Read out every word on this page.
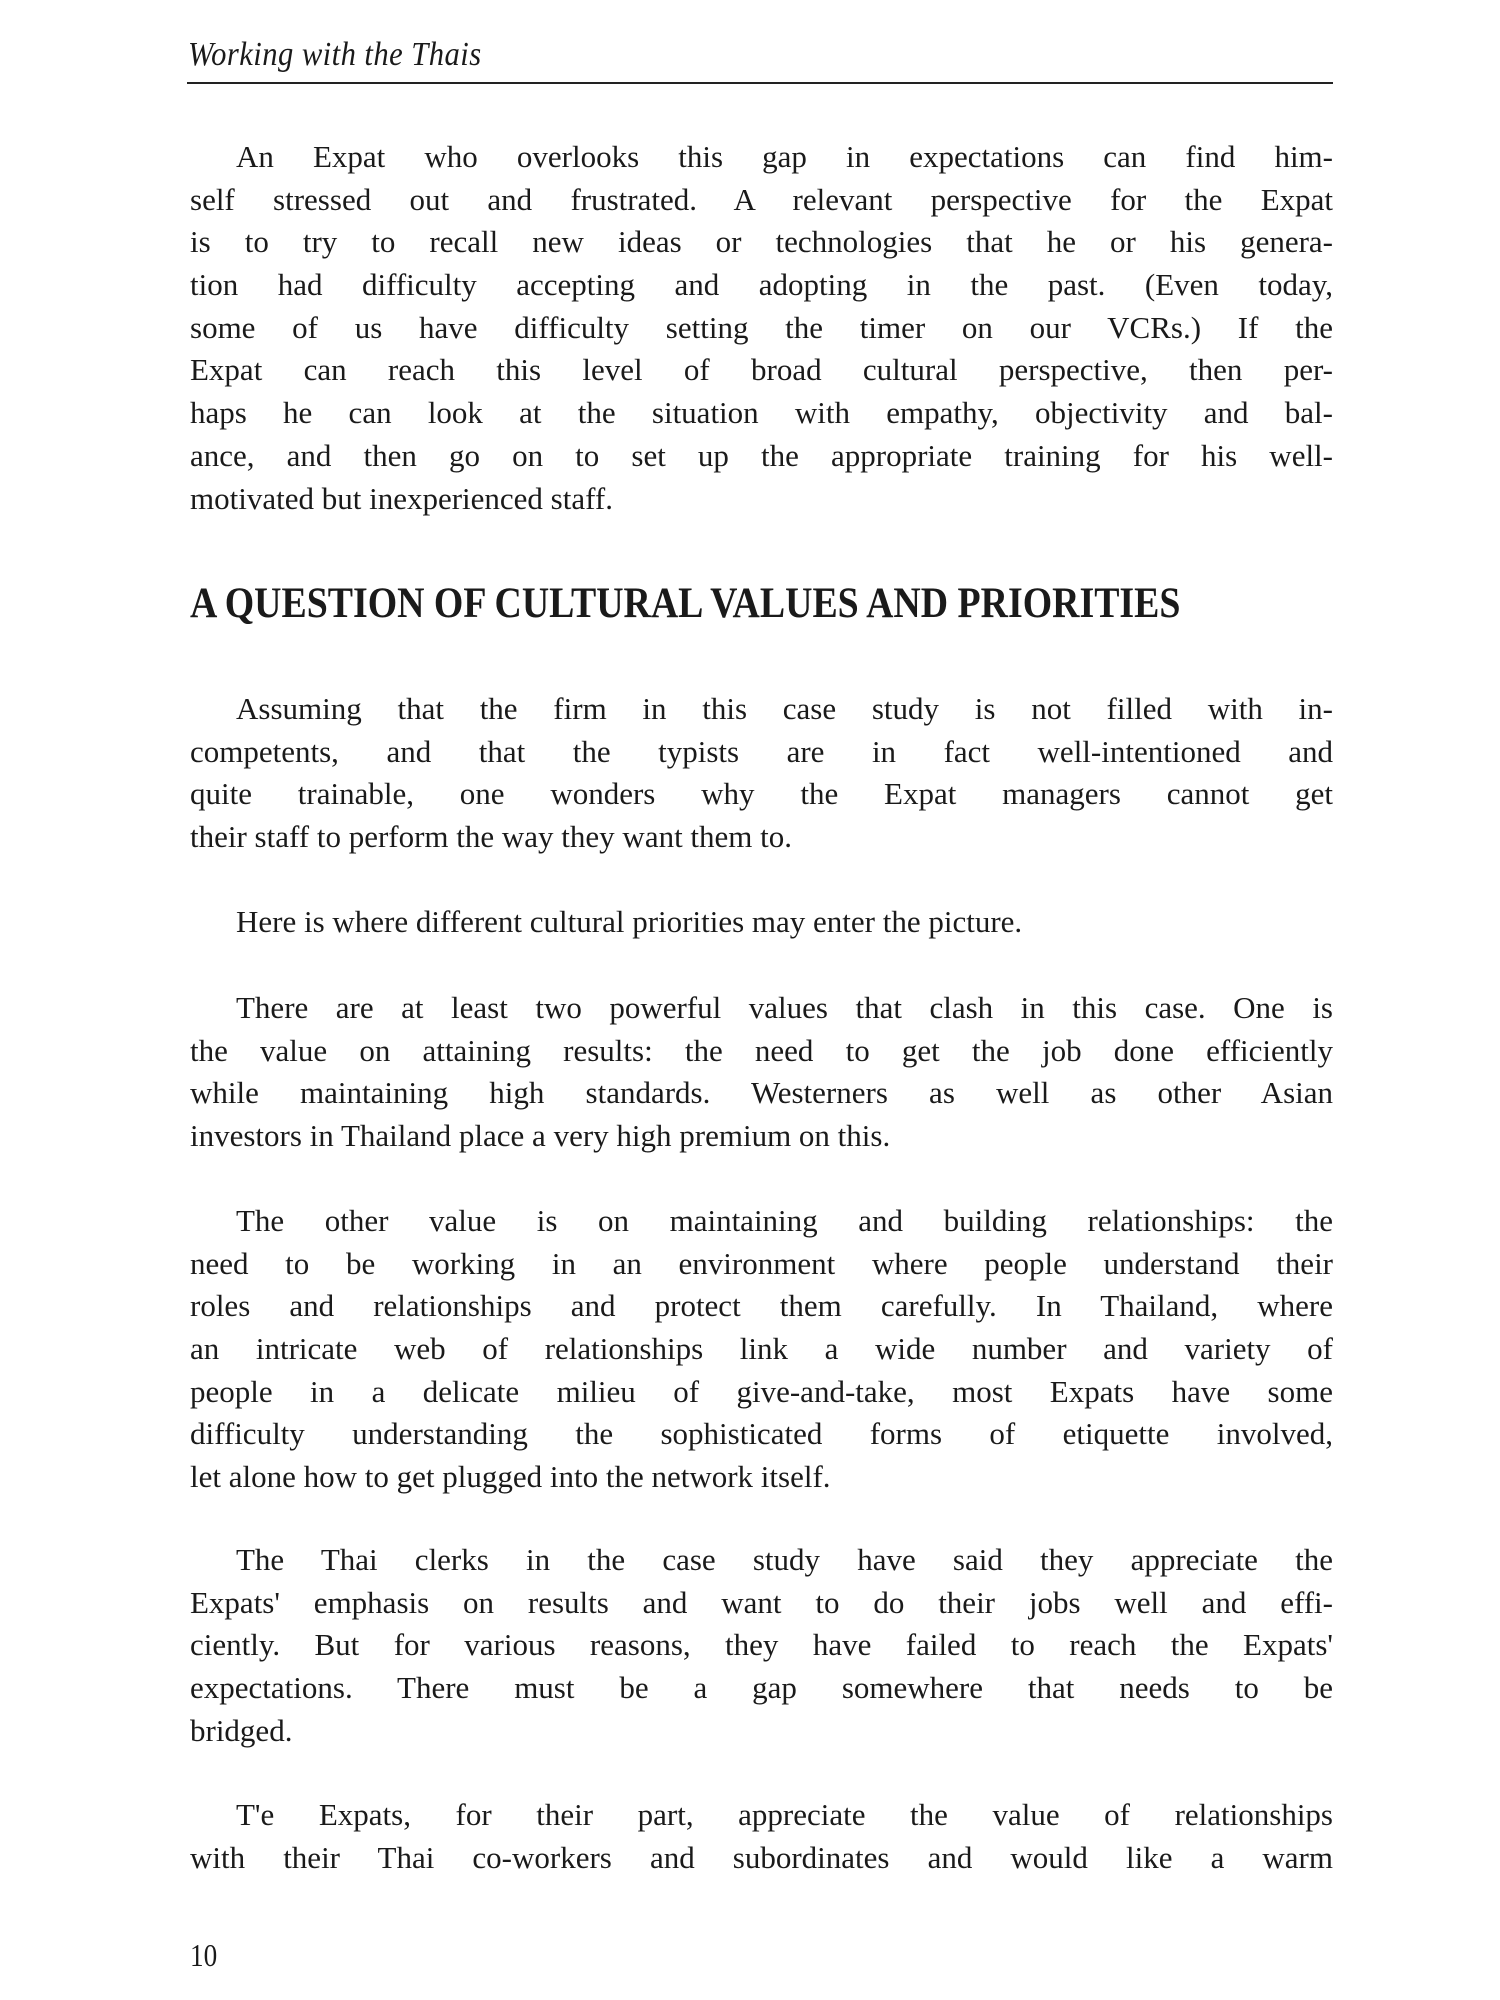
Working with the Thais
An Expat who overlooks this gap in expectations can find him-
self stressed out and frustrated. A relevant perspective for the Expat
is to try to recall new ideas or technologies that he or his genera-
tion had difficulty accepting and adopting in the past. (Even today,
some of us have difficulty setting the timer on our VCRs.) If the
Expat can reach this level of broad cultural perspective, then per-
haps he can look at the situation with empathy, objectivity and bal-
ance, and then go on to set up the appropriate training for his well-
motivated but inexperienced staff.
A QUESTION OF CULTURAL VALUES AND PRIORITIES
Assuming that the firm in this case study is not filled with in-
competents, and that the typists are in fact well-intentioned and
quite trainable, one wonders why the Expat managers cannot get
their staff to perform the way they want them to.
Here is where different cultural priorities may enter the picture.
There are at least two powerful values that clash in this case. One is
the value on attaining results: the need to get the job done efficiently
while maintaining high standards. Westerners as well as other Asian
investors in Thailand place a very high premium on this.
The other value is on maintaining and building relationships: the
need to be working in an environment where people understand their
roles and relationships and protect them carefully. In Thailand, where
an intricate web of relationships link a wide number and variety of
people in a delicate milieu of give-and-take, most Expats have some
difficulty understanding the sophisticated forms of etiquette involved,
let alone how to get plugged into the network itself.
The Thai clerks in the case study have said they appreciate the
Expats' emphasis on results and want to do their jobs well and effi-
ciently. But for various reasons, they have failed to reach the Expats'
expectations. There must be a gap somewhere that needs to be
bridged.
T'e Expats, for their part, appreciate the value of relationships
with their Thai co-workers and subordinates and would like a warm
10
